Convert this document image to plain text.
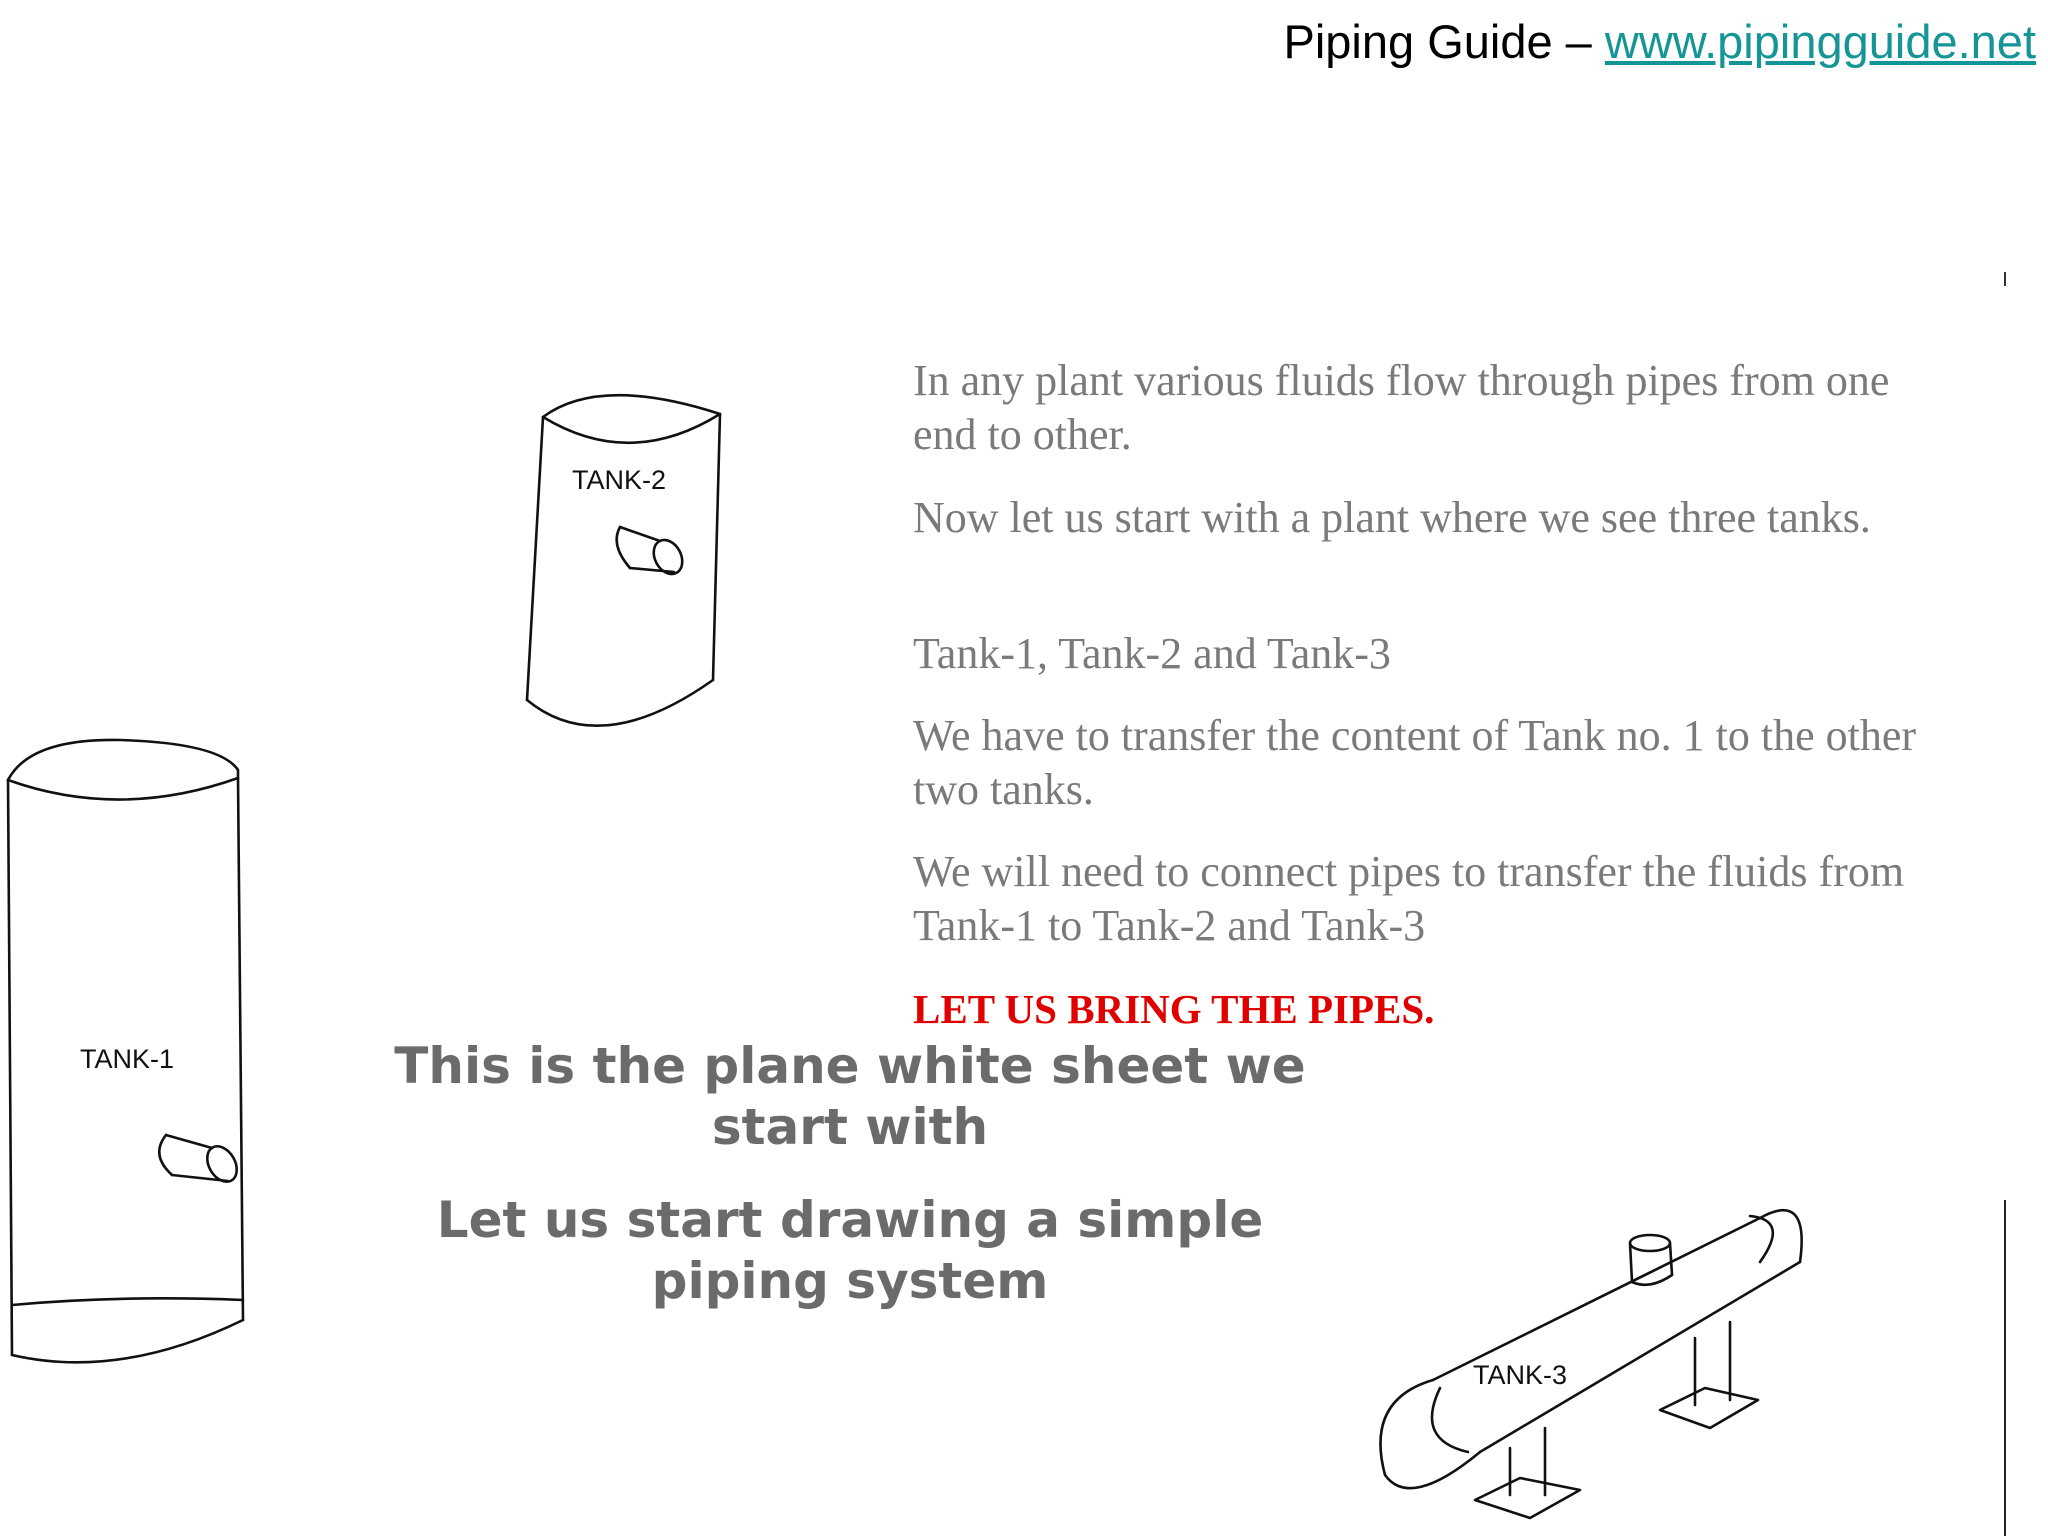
Piping Guide – www.pipingguide.net
TANK-2
TANK-1
TANK-3

In any plant various fluids flow through pipes from one end to other.

Now let us start with a plant where we see three tanks.

Tank-1, Tank-2 and Tank-3

We have to transfer the content of Tank no. 1 to the other two tanks.

We will need to connect pipes to transfer the fluids from Tank-1 to Tank-2 and Tank-3

LET US BRING THE PIPES.

This is the plane white sheet we start with

Let us start drawing a simple piping system
